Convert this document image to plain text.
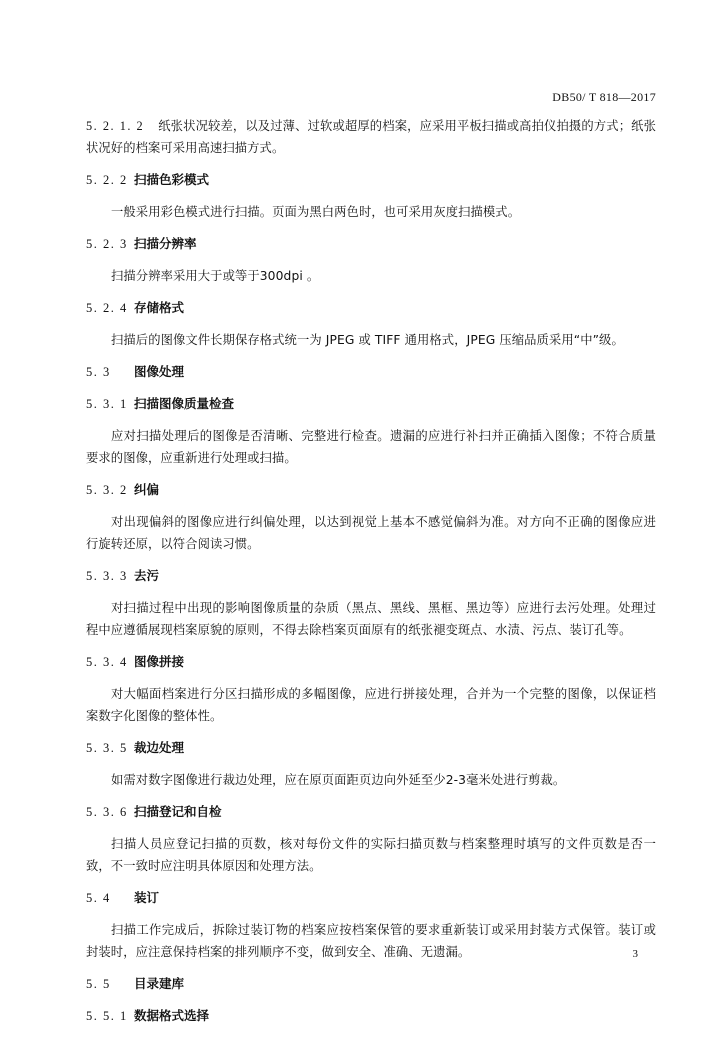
DB50/ T 818—2017

5. 2. 1. 2 纸张状况较差，以及过薄、过软或超厚的档案，应采用平板扫描或高拍仪拍摄的方式；纸张状况好的档案可采用高速扫描方式。

5. 2. 2 扫描色彩模式

一般采用彩色模式进行扫描。页面为黑白两色时，也可采用灰度扫描模式。

5. 2. 3 扫描分辨率

扫描分辨率采用大于或等于300dpi 。

5. 2. 4 存储格式

扫描后的图像文件长期保存格式统一为 JPEG 或 TIFF 通用格式，JPEG 压缩品质采用“中”级。

5. 3 图像处理
5. 3. 1 扫描图像质量检查

应对扫描处理后的图像是否清晰、完整进行检查。遗漏的应进行补扫并正确插入图像；不符合质量要求的图像，应重新进行处理或扫描。

5. 3. 2 纠偏

对出现偏斜的图像应进行纠偏处理，以达到视觉上基本不感觉偏斜为准。对方向不正确的图像应进行旋转还原，以符合阅读习惯。

5. 3. 3 去污

对扫描过程中出现的影响图像质量的杂质（黑点、黑线、黑框、黑边等）应进行去污处理。处理过程中应遵循展现档案原貌的原则，不得去除档案页面原有的纸张褪变斑点、水渍、污点、装订孔等。

5. 3. 4 图像拼接

对大幅面档案进行分区扫描形成的多幅图像，应进行拼接处理，合并为一个完整的图像，以保证档案数字化图像的整体性。

5. 3. 5 裁边处理

如需对数字图像进行裁边处理，应在原页面距页边向外延至少2-3毫米处进行剪裁。

5. 3. 6 扫描登记和自检

扫描人员应登记扫描的页数，核对每份文件的实际扫描页数与档案整理时填写的文件页数是否一致，不一致时应注明具体原因和处理方法。

5. 4 装订

扫描工作完成后，拆除过装订物的档案应按档案保管的要求重新装订或采用封装方式保管。装订或封装时，应注意保持档案的排列顺序不变，做到安全、准确、无遗漏。

5. 5 目录建库
5. 5. 1 数据格式选择
3
